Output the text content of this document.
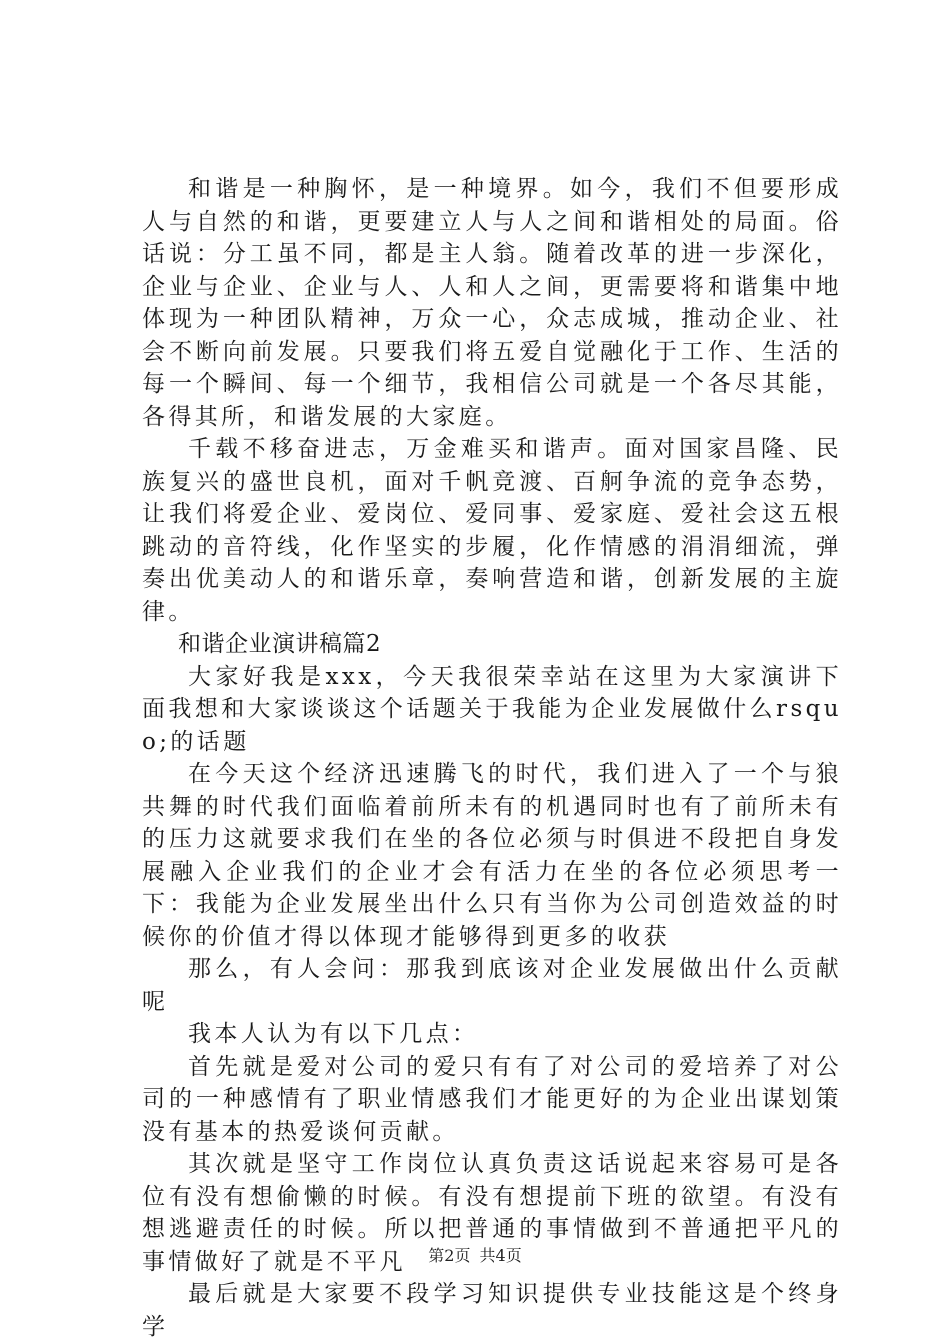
和谐是一种胸怀，是一种境界。如今，我们不但要形成人与自然的和谐，更要建立人与人之间和谐相处的局面。俗话说：分工虽不同，都是主人翁。随着改革的进一步深化，企业与企业、企业与人、人和人之间，更需要将和谐集中地体现为一种团队精神，万众一心，众志成城，推动企业、社会不断向前发展。只要我们将五爱自觉融化于工作、生活的每一个瞬间、每一个细节，我相信公司就是一个各尽其能，各得其所，和谐发展的大家庭。

千载不移奋进志，万金难买和谐声。面对国家昌隆、民族复兴的盛世良机，面对千帆竞渡、百舸争流的竞争态势，让我们将爱企业、爱岗位、爱同事、爱家庭、爱社会这五根跳动的音符线，化作坚实的步履，化作情感的涓涓细流，弹奏出优美动人的和谐乐章，奏响营造和谐，创新发展的主旋律。

和谐企业演讲稿篇2

大家好我是xxx，今天我很荣幸站在这里为大家演讲下面我想和大家谈谈这个话题关于我能为企业发展做什么rsquo;的话题

在今天这个经济迅速腾飞的时代，我们进入了一个与狼共舞的时代我们面临着前所未有的机遇同时也有了前所未有的压力这就要求我们在坐的各位必须与时俱进不段把自身发展融入企业我们的企业才会有活力在坐的各位必须思考一下：我能为企业发展坐出什么只有当你为公司创造效益的时候你的价值才得以体现才能够得到更多的收获

那么，有人会问：那我到底该对企业发展做出什么贡献呢

我本人认为有以下几点：

首先就是爱对公司的爱只有有了对公司的爱培养了对公司的一种感情有了职业情感我们才能更好的为企业出谋划策没有基本的热爱谈何贡献。

其次就是坚守工作岗位认真负责这话说起来容易可是各位有没有想偷懒的时候。有没有想提前下班的欲望。有没有想逃避责任的时候。所以把普通的事情做到不普通把平凡的事情做好了就是不平凡

最后就是大家要不段学习知识提供专业技能这是个终身学

第2页 共4页
